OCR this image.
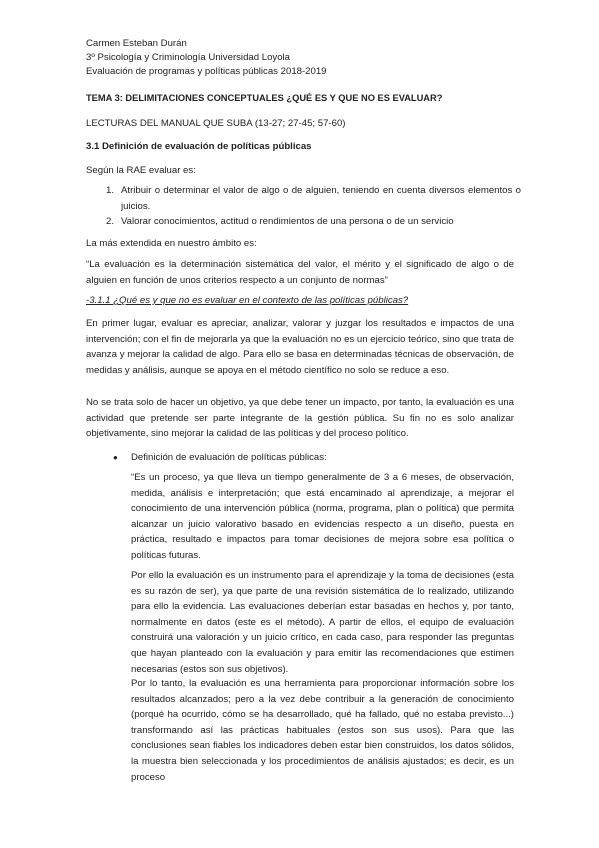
Carmen Esteban Durán
3º Psicología y Criminología Universidad Loyola
Evaluación de programas y políticas públicas 2018-2019
TEMA 3: DELIMITACIONES CONCEPTUALES ¿QUÉ ES Y QUE NO ES EVALUAR?
LECTURAS DEL MANUAL QUE SUBA (13-27; 27-45; 57-60)
3.1 Definición de evaluación de políticas públicas
Según la RAE evaluar es:
1. Atribuir o determinar el valor de algo o de alguien, teniendo en cuenta diversos elementos o juicios.
2. Valorar conocimientos, actitud o rendimientos de una persona o de un servicio
La más extendida en nuestro ámbito es:

“La evaluación es la determinación sistemática del valor, el mérito y el significado de algo o de alguien en función de unos criterios respecto a un conjunto de normas”

-3.1.1 ¿Qué es y que no es evaluar en el contexto de las políticas públicas?

En primer lugar, evaluar es apreciar, analizar, valorar y juzgar los resultados e impactos de una intervención; con el fin de mejorarla ya que la evaluación no es un ejercicio teórico, sino que trata de avanza y mejorar la calidad de algo. Para ello se basa en determinadas técnicas de observación, de medidas y análisis, aunque se apoya en el método científico no solo se reduce a eso.

No se trata solo de hacer un objetivo, ya que debe tener un impacto, por tanto, la evaluación es una actividad que pretende ser parte integrante de la gestión pública. Su fin no es solo analizar objetivamente, sino mejorar la calidad de las políticas y del proceso político.

● Definición de evaluación de políticas públicas:

“Es un proceso, ya que lleva un tiempo generalmente de 3 a 6 meses, de observación, medida, análisis e interpretación; que está encaminado al aprendizaje, a mejorar el conocimiento de una intervención pública (norma, programa, plan o política) que permita alcanzar un juicio valorativo basado en evidencias respecto a un diseño, puesta en práctica, resultado e impactos para tomar decisiones de mejora sobre esa política o políticas futuras.

Por ello la evaluación es un instrumento para el aprendizaje y la toma de decisiones (esta es su razón de ser), ya que parte de una revisión sistemática de lo realizado, utilizando para ello la evidencia. Las evaluaciones deberían estar basadas en hechos y, por tanto, normalmente en datos (este es el método). A partir de ellos, el equipo de evaluación construirá una valoración y un juicio crítico, en cada caso, para responder las preguntas que hayan planteado con la evaluación y para emitir las recomendaciones que estimen necesarias (estos son sus objetivos).

Por lo tanto, la evaluación es una herramienta para proporcionar información sobre los resultados alcanzados; pero a la vez debe contribuir a la generación de conocimiento (porqué ha ocurrido, cómo se ha desarrollado, qué ha fallado, qué no estaba previsto...) transformando así las prácticas habituales (estos son sus usos). Para que las conclusiones sean fiables los indicadores deben estar bien construidos, los datos sólidos, la muestra bien seleccionada y los procedimientos de análisis ajustados; es decir, es un proceso
